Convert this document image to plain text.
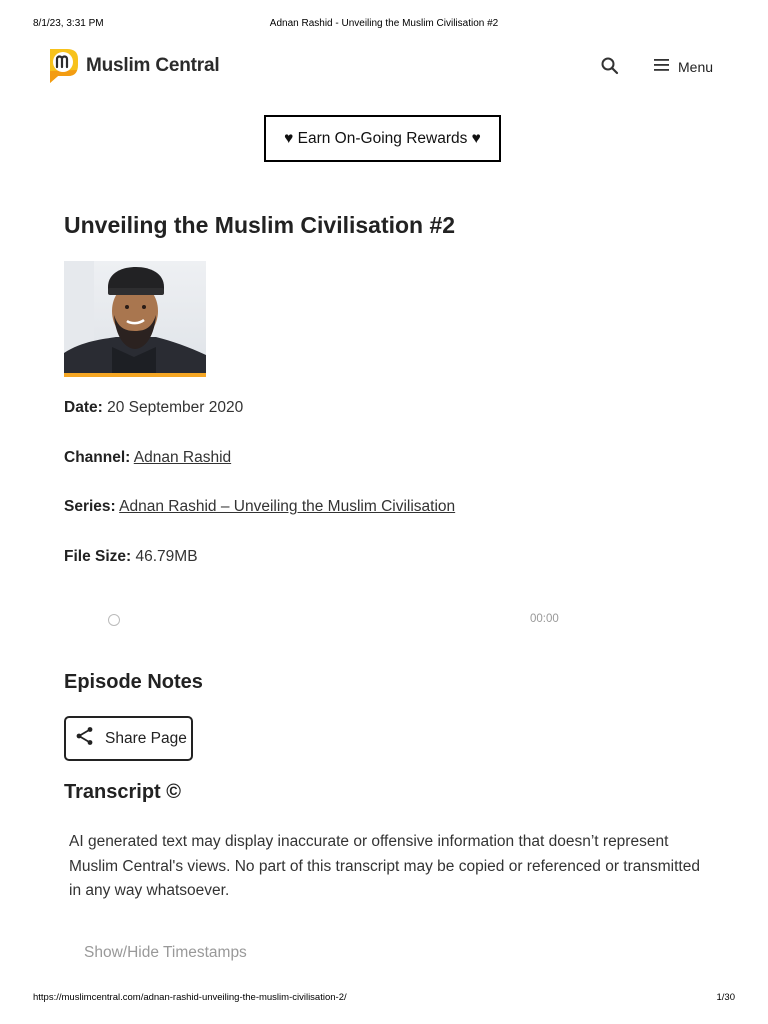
8/1/23, 3:31 PM	Adnan Rashid - Unveiling the Muslim Civilisation #2
Muslim Central	Menu
♥ Earn On-Going Rewards ♥
Unveiling the Muslim Civilisation #2
Date: 20 September 2020
Channel: Adnan Rashid
Series: Adnan Rashid – Unveiling the Muslim Civilisation
File Size: 46.79MB
00:00
Episode Notes
Share Page
Transcript ©

AI generated text may display inaccurate or offensive information that doesn’t represent Muslim Central's views. No part of this transcript may be copied or referenced or transmitted in any way whatsoever.

Show/Hide Timestamps
https://muslimcentral.com/adnan-rashid-unveiling-the-muslim-civilisation-2/	1/30
